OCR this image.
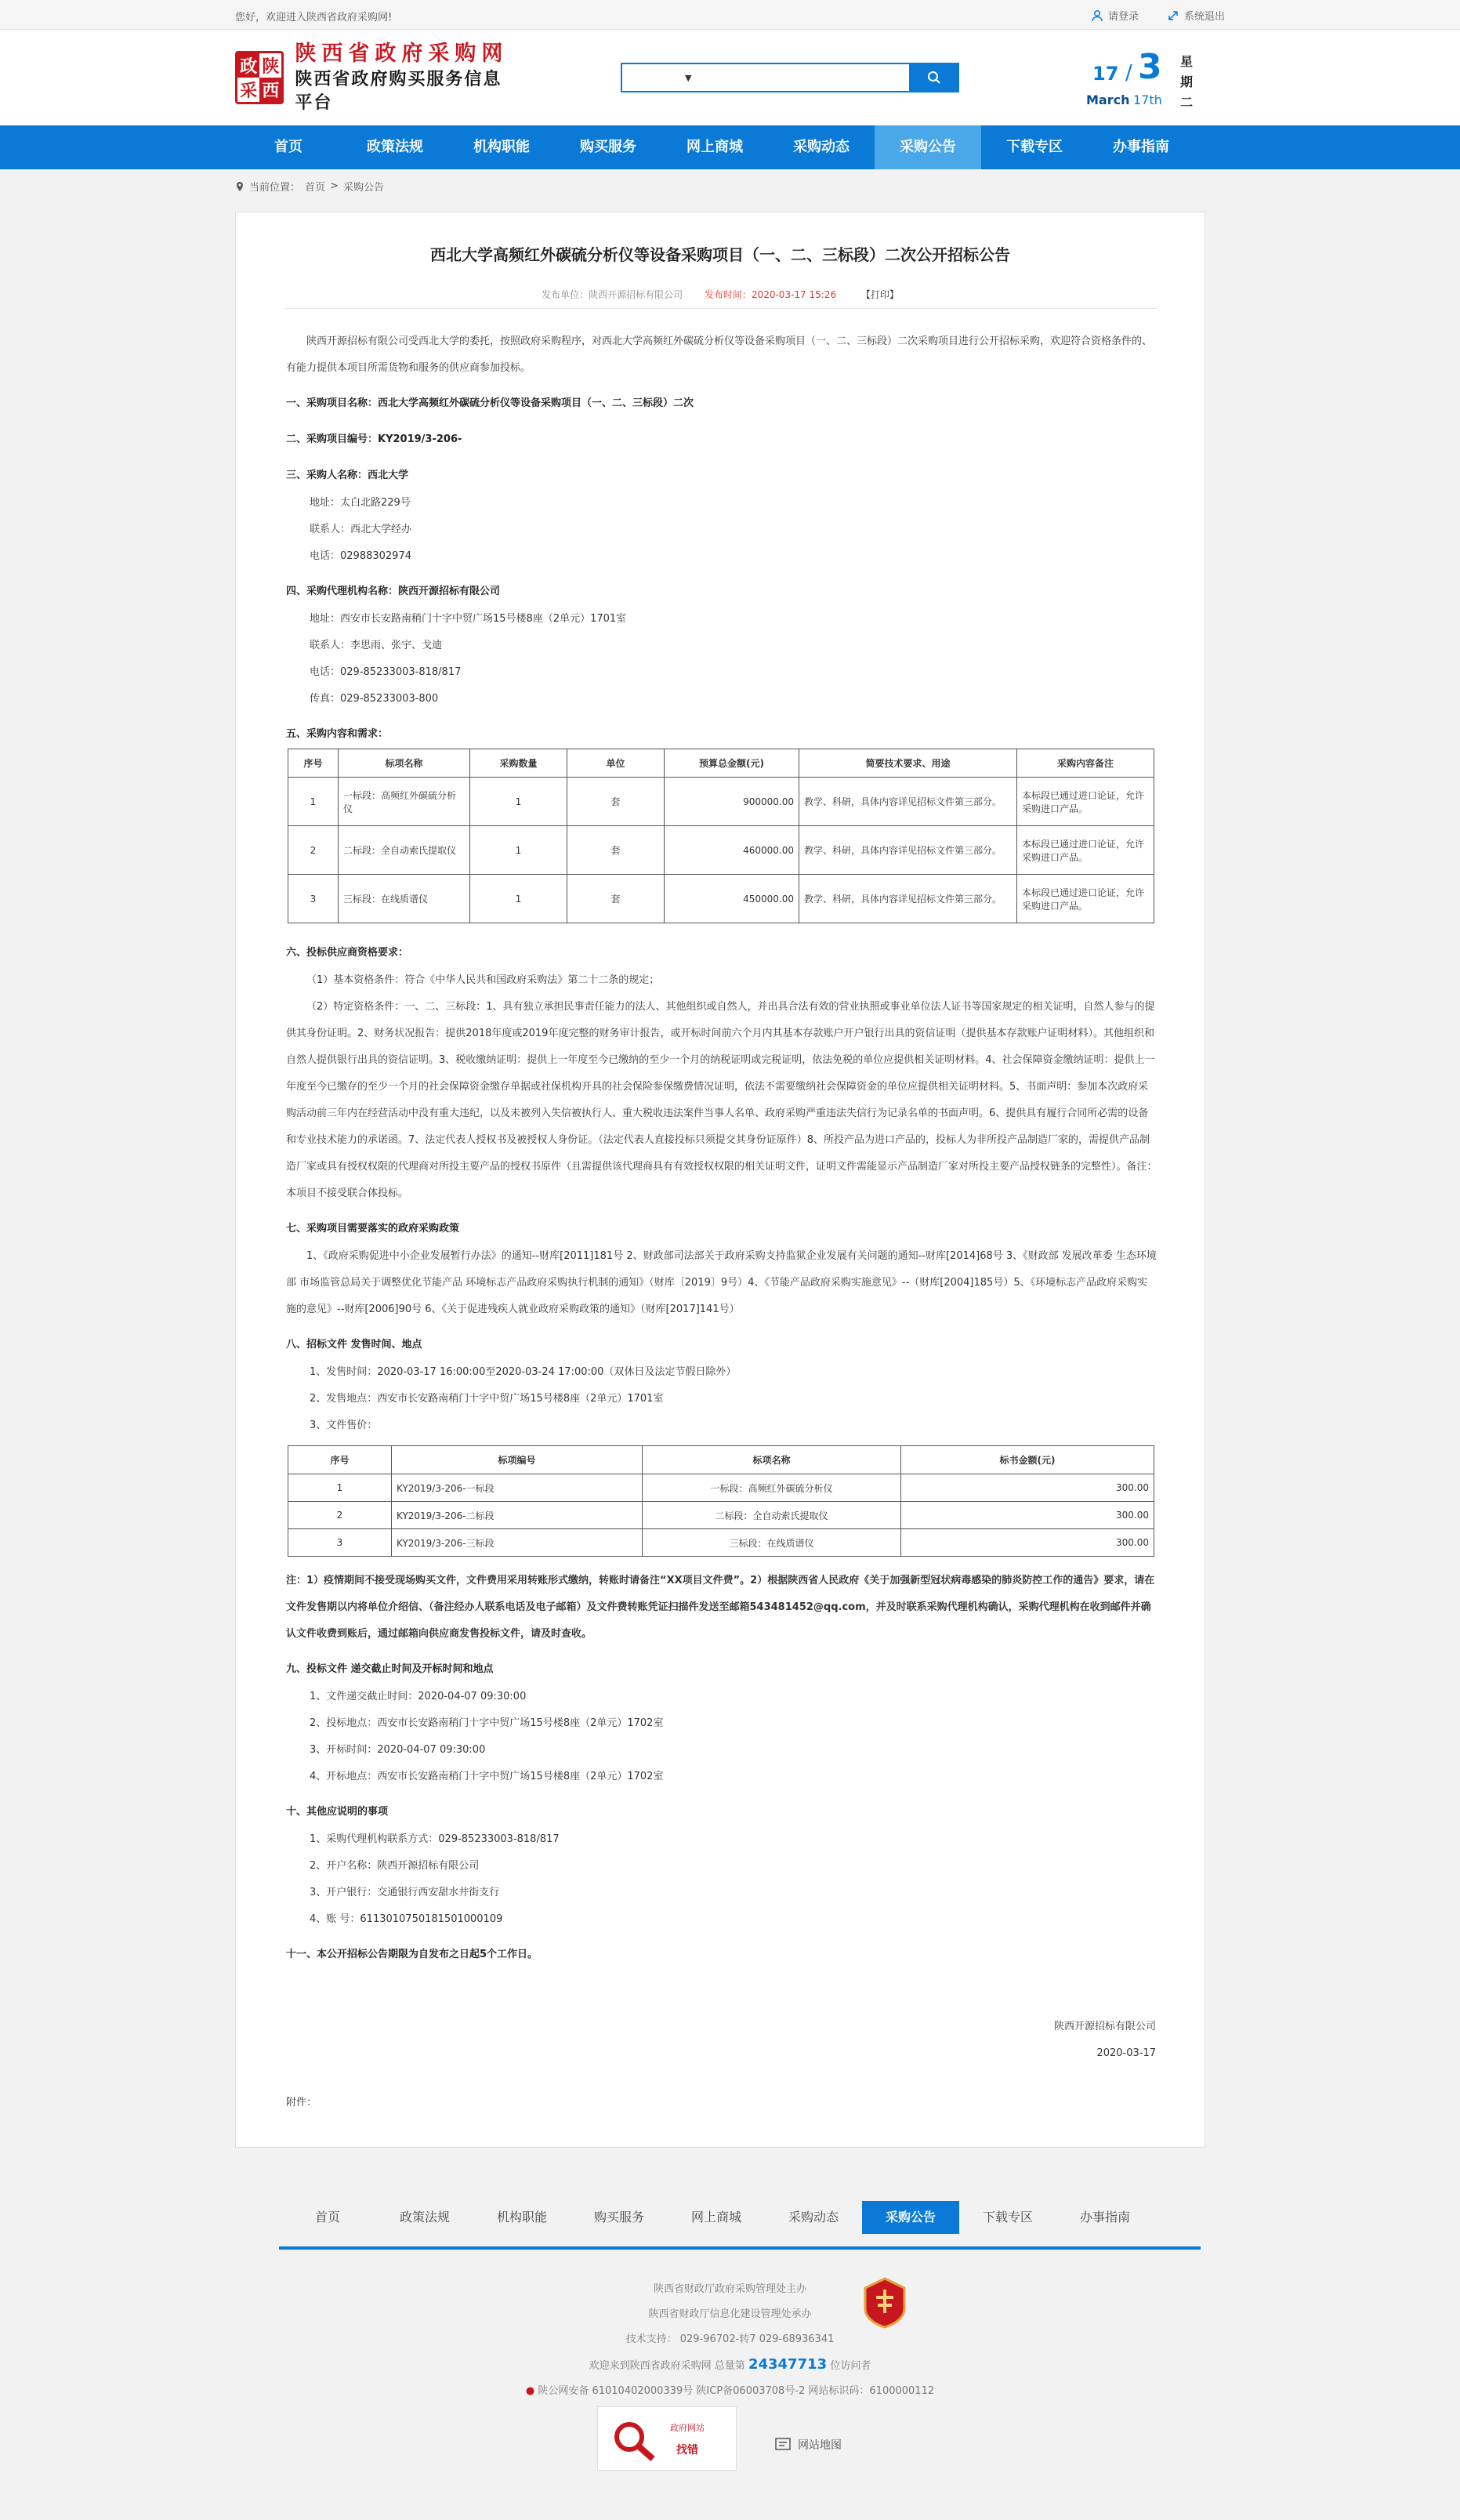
您好，欢迎进入陕西省政府采购网!	请登录	系统退出
政 陕
采 西
陕西省政府采购网
陕西省政府购买服务信息平台
▼	17 / 3
March 17th
星
期
二
首页	政策法规	机构职能	购买服务	网上商城	采购动态	采购公告	下载专区	办事指南
当前位置： 首页 > 采购公告
西北大学高频红外碳硫分析仪等设备采购项目（一、二、三标段）二次公开招标公告
发布单位：陕西开源招标有限公司 发布时间：2020-03-17 15:26	【打印】

陕西开源招标有限公司受西北大学的委托，按照政府采购程序，对西北大学高频红外碳硫分析仪等设备采购项目（一、二、三标段）二次采购项目进行公开招标采购，欢迎符合资格条件的、有能力提供本项目所需货物和服务的供应商参加投标。

一、采购项目名称：西北大学高频红外碳硫分析仪等设备采购项目（一、二、三标段）二次

二、采购项目编号：KY2019/3-206-

三、采购人名称：西北大学

地址：太白北路229号

联系人：西北大学经办

电话：02988302974

四、采购代理机构名称：陕西开源招标有限公司

地址：西安市长安路南稍门十字中贸广场15号楼8座（2单元）1701室

联系人：李思雨、张宇、戈迪

电话：029-85233003-818/817

传真：029-85233003-800

五、采购内容和需求：

序号	标项名称	采购数量	单位	预算总金额(元)	简要技术要求、用途	采购内容备注
1	一标段：高频红外碳硫分析仪	1	套	900000.00	教学、科研，具体内容详见招标文件第三部分。	本标段已通过进口论证，允许采购进口产品。
2	二标段：全自动索氏提取仪	1	套	460000.00	教学、科研，具体内容详见招标文件第三部分。	本标段已通过进口论证，允许采购进口产品。
3	三标段：在线质谱仪	1	套	450000.00	教学、科研，具体内容详见招标文件第三部分。	本标段已通过进口论证，允许采购进口产品。

六、投标供应商资格要求：

（1）基本资格条件：符合《中华人民共和国政府采购法》第二十二条的规定；

（2）特定资格条件：一、二、三标段：1、具有独立承担民事责任能力的法人、其他组织或自然人，并出具合法有效的营业执照或事业单位法人证书等国家规定的相关证明，自然人参与的提供其身份证明。2、财务状况报告：提供2018年度或2019年度完整的财务审计报告，或开标时间前六个月内其基本存款账户开户银行出具的资信证明（提供基本存款账户证明材料）。其他组织和自然人提供银行出具的资信证明。3、税收缴纳证明：提供上一年度至今已缴纳的至少一个月的纳税证明或完税证明，依法免税的单位应提供相关证明材料。4、社会保障资金缴纳证明：提供上一年度至今已缴存的至少一个月的社会保障资金缴存单据或社保机构开具的社会保险参保缴费情况证明，依法不需要缴纳社会保障资金的单位应提供相关证明材料。5、书面声明：参加本次政府采购活动前三年内在经营活动中没有重大违纪，以及未被列入失信被执行人、重大税收违法案件当事人名单、政府采购严重违法失信行为记录名单的书面声明。6、提供具有履行合同所必需的设备和专业技术能力的承诺函。7、法定代表人授权书及被授权人身份证。（法定代表人直接投标只须提交其身份证原件）8、所投产品为进口产品的，投标人为非所投产品制造厂家的，需提供产品制造厂家或具有授权权限的代理商对所投主要产品的授权书原件（且需提供该代理商具有有效授权权限的相关证明文件，证明文件需能显示产品制造厂家对所投主要产品授权链条的完整性）。备注：本项目不接受联合体投标。

七、采购项目需要落实的政府采购政策

1、《政府采购促进中小企业发展暂行办法》的通知--财库[2011]181号 2、财政部司法部关于政府采购支持监狱企业发展有关问题的通知--财库[2014]68号 3、《财政部 发展改革委 生态环境部 市场监管总局关于调整优化节能产品 环境标志产品政府采购执行机制的通知》（财库〔2019〕9号）4、《节能产品政府采购实施意见》--（财库[2004]185号）5、《环境标志产品政府采购实施的意见》--财库[2006]90号 6、《关于促进残疾人就业政府采购政策的通知》（财库[2017]141号）

八、招标文件 发售时间、地点

1、发售时间：2020-03-17 16:00:00至2020-03-24 17:00:00（双休日及法定节假日除外）

2、发售地点：西安市长安路南稍门十字中贸广场15号楼8座（2单元）1701室

3、文件售价：

序号	标项编号	标项名称	标书金额(元)
1	KY2019/3-206-一标段	一标段：高频红外碳硫分析仪	300.00
2	KY2019/3-206-二标段	二标段：全自动索氏提取仪	300.00
3	KY2019/3-206-三标段	三标段：在线质谱仪	300.00

注：1）疫情期间不接受现场购买文件，文件费用采用转账形式缴纳，转账时请备注“XX项目文件费”。2）根据陕西省人民政府《关于加强新型冠状病毒感染的肺炎防控工作的通告》要求，请在文件发售期以内将单位介绍信、（备注经办人联系电话及电子邮箱）及文件费转账凭证扫描件发送至邮箱543481452@qq.com，并及时联系采购代理机构确认，采购代理机构在收到邮件并确认文件收费到账后，通过邮箱向供应商发售投标文件，请及时查收。

九、投标文件 递交截止时间及开标时间和地点

1、文件递交截止时间：2020-04-07 09:30:00

2、投标地点：西安市长安路南稍门十字中贸广场15号楼8座（2单元）1702室

3、开标时间：2020-04-07 09:30:00

4、开标地点：西安市长安路南稍门十字中贸广场15号楼8座（2单元）1702室

十、其他应说明的事项

1、采购代理机构联系方式：029-85233003-818/817

2、开户名称：陕西开源招标有限公司

3、开户银行：交通银行西安甜水井街支行

4、账 号：611301075018150100010​9

十一、本公开招标公告期限为自发布之日起5个工作日。

陕西开源招标有限公司
2020-03-17
附件：
首页	政策法规	机构职能	购买服务	网上商城	采购动态	采购公告	下载专区	办事指南
陕西省财政厅政府采购管理处主办
陕西省财政厅信息化建设管理处承办
技术支持： 029-96702-转7 029-68936341
欢迎来到陕西省政府采购网 总量第 24347713 位访问者
● 陕公网安备 61010402000339号 陕ICP备06003708号-2 网站标识码：6100000112
政府网站
找错	网站地图
